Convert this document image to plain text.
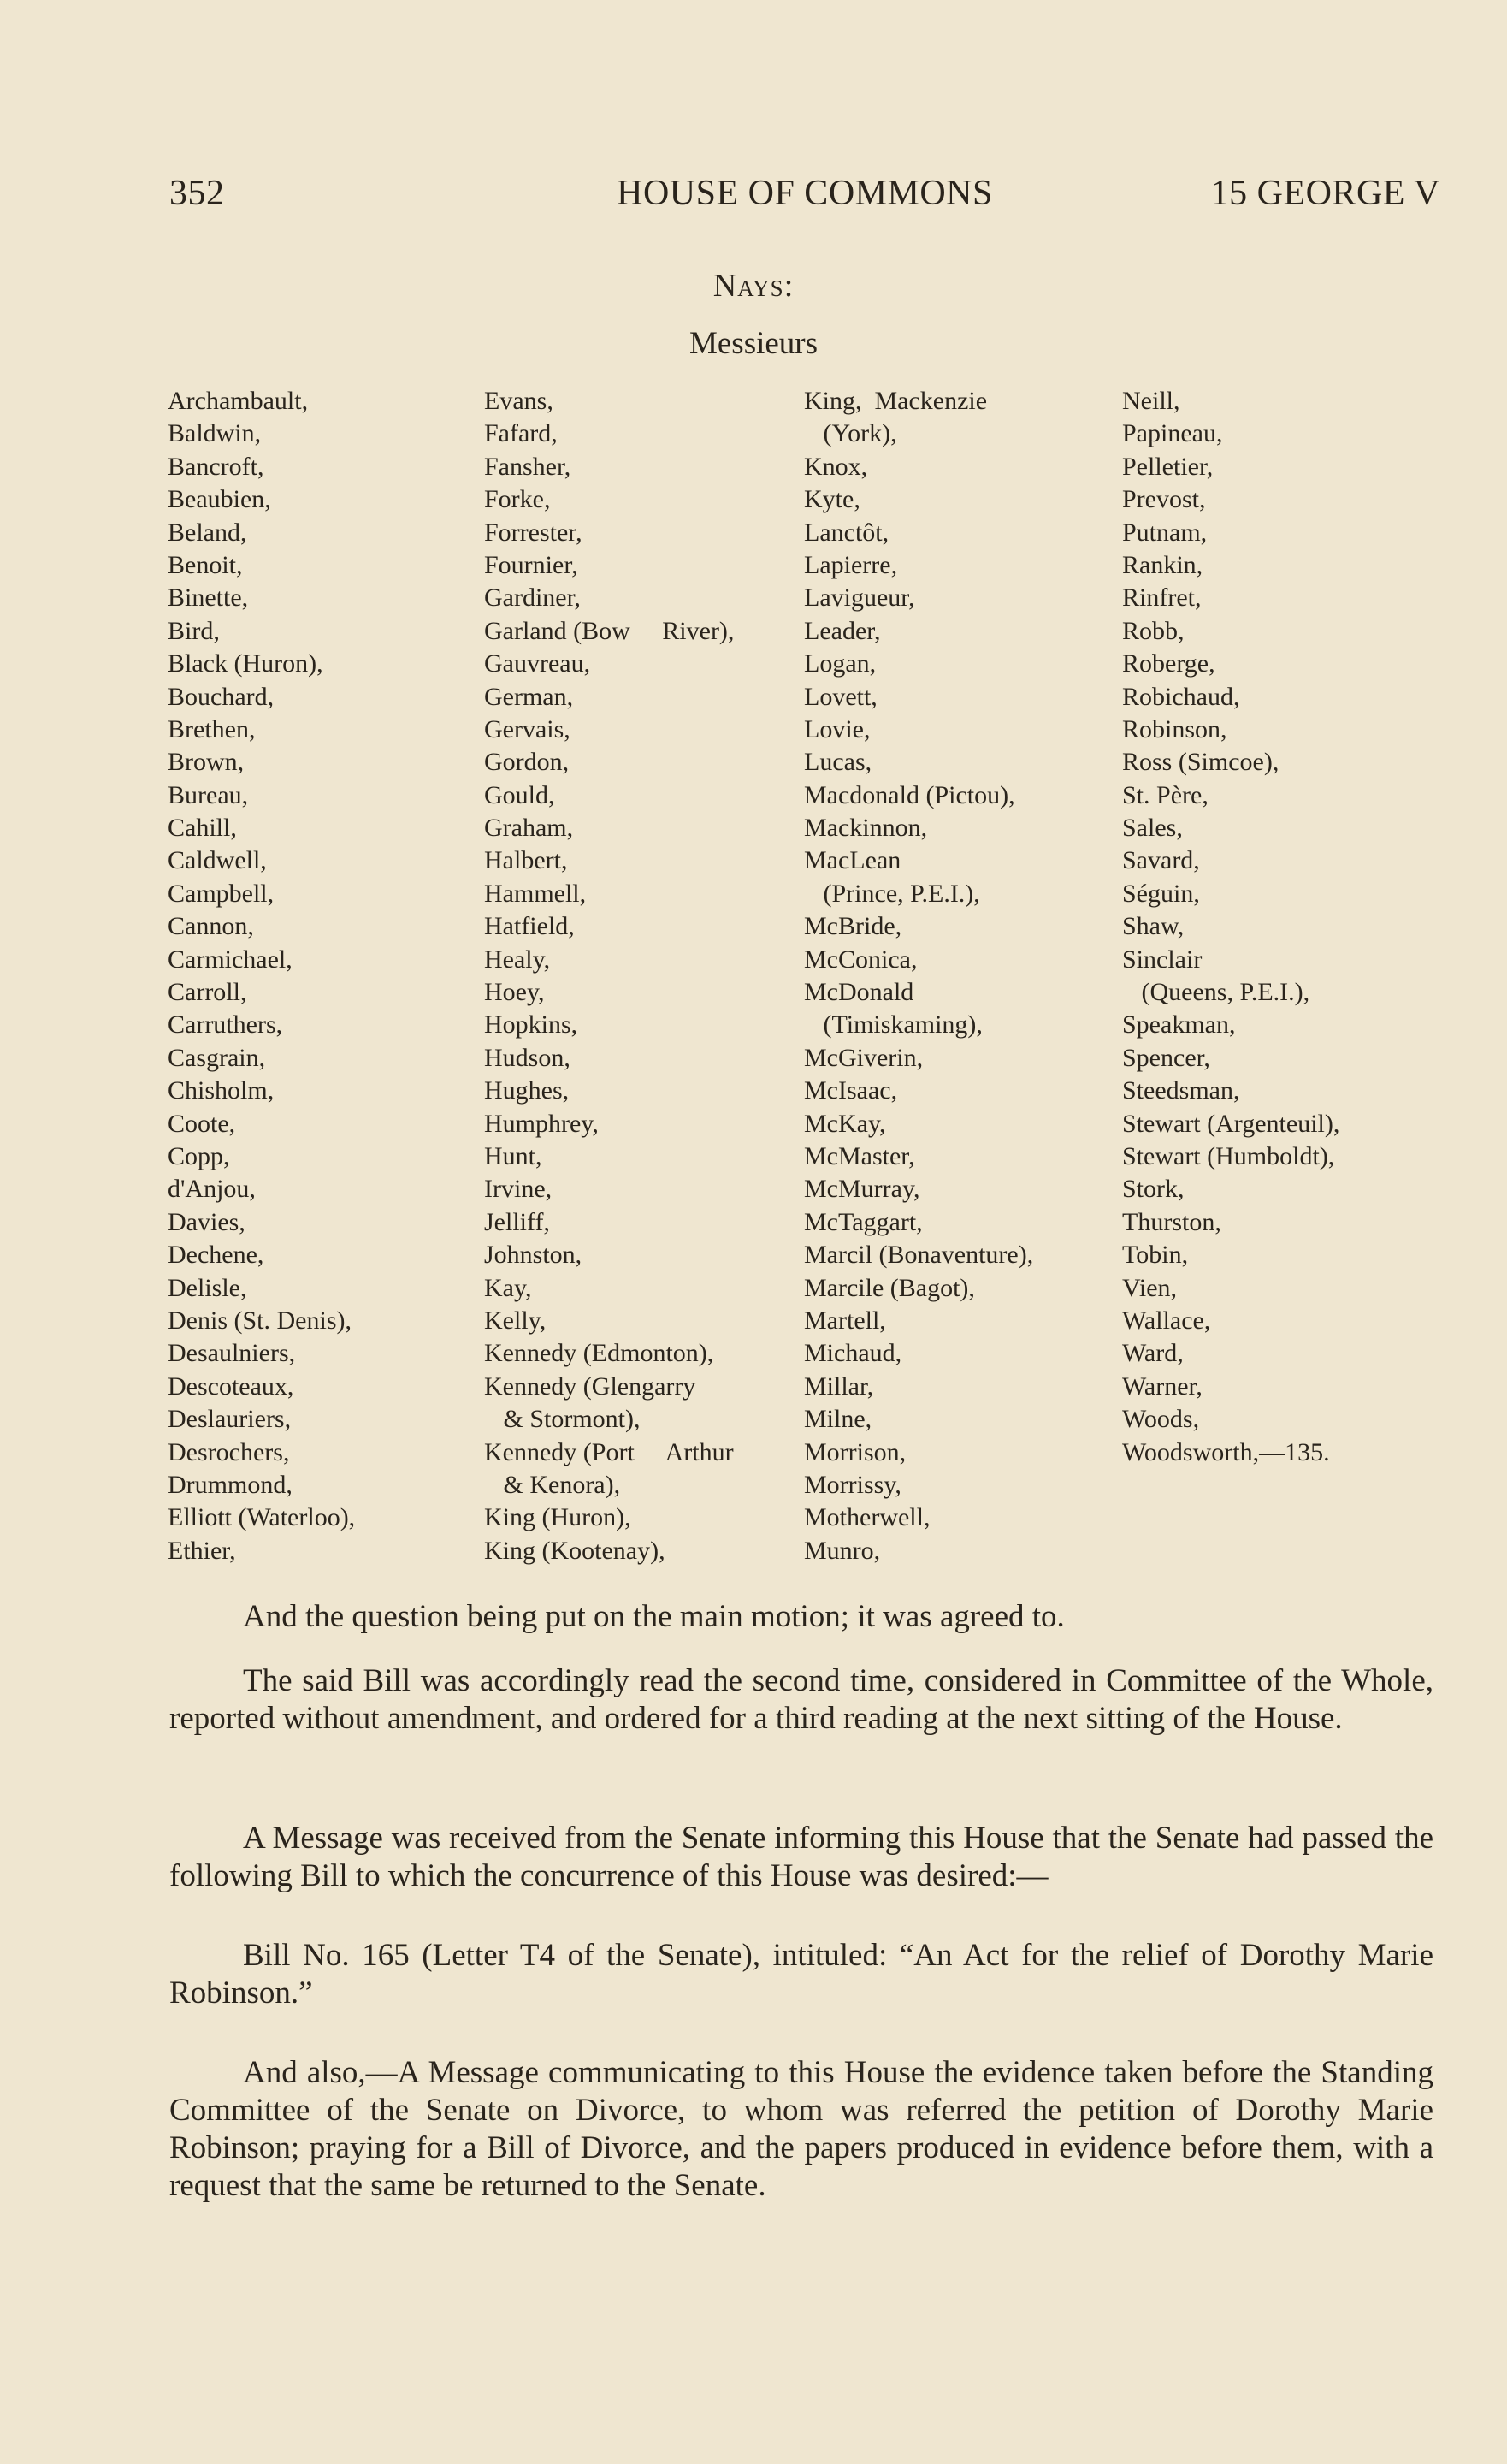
352	HOUSE OF COMMONS	15 GEORGE V
Nays:
Messieurs
Archambault,
Baldwin,
Bancroft,
Beaubien,
Beland,
Benoit,
Binette,
Bird,
Black (Huron),
Bouchard,
Brethen,
Brown,
Bureau,
Cahill,
Caldwell,
Campbell,
Cannon,
Carmichael,
Carroll,
Carruthers,
Casgrain,
Chisholm,
Coote,
Copp,
d'Anjou,
Davies,
Dechene,
Delisle,
Denis (St. Denis),
Desaulniers,
Descoteaux,
Deslauriers,
Desrochers,
Drummond,
Elliott (Waterloo),
Ethier,
Evans,
Fafard,
Fansher,
Forke,
Forrester,
Fournier,
Gardiner,
Garland (Bow     River),
Gauvreau,
German,
Gervais,
Gordon,
Gould,
Graham,
Halbert,
Hammell,
Hatfield,
Healy,
Hoey,
Hopkins,
Hudson,
Hughes,
Humphrey,
Hunt,
Irvine,
Jelliff,
Johnston,
Kay,
Kelly,
Kennedy (Edmonton),
Kennedy (Glengarry
& Stormont),
Kennedy (Port     Arthur
& Kenora),
King (Huron),
King (Kootenay),
King,  Mackenzie
(York),
Knox,
Kyte,
Lanctôt,
Lapierre,
Lavigueur,
Leader,
Logan,
Lovett,
Lovie,
Lucas,
Macdonald (Pictou),
Mackinnon,
MacLean
(Prince, P.E.I.),
McBride,
McConica,
McDonald
(Timiskaming),
McGiverin,
McIsaac,
McKay,
McMaster,
McMurray,
McTaggart,
Marcil (Bonaventure),
Marcile (Bagot),
Martell,
Michaud,
Millar,
Milne,
Morrison,
Morrissy,
Motherwell,
Munro,
Neill,
Papineau,
Pelletier,
Prevost,
Putnam,
Rankin,
Rinfret,
Robb,
Roberge,
Robichaud,
Robinson,
Ross (Simcoe),
St. Père,
Sales,
Savard,
Séguin,
Shaw,
Sinclair
(Queens, P.E.I.),
Speakman,
Spencer,
Steedsman,
Stewart (Argenteuil),
Stewart (Humboldt),
Stork,
Thurston,
Tobin,
Vien,
Wallace,
Ward,
Warner,
Woods,
Woodsworth,—135.
And the question being put on the main motion; it was agreed to.
The said Bill was accordingly read the second time, considered in Committee of the Whole, reported without amendment, and ordered for a third reading at the next sitting of the House.
A Message was received from the Senate informing this House that the Senate had passed the following Bill to which the concurrence of this House was desired:—
Bill No. 165 (Letter T4 of the Senate), intituled: “An Act for the relief of Dorothy Marie Robinson.”
And also,—A Message communicating to this House the evidence taken before the Standing Committee of the Senate on Divorce, to whom was referred the petition of Dorothy Marie Robinson; praying for a Bill of Divorce, and the papers produced in evidence before them, with a request that the same be returned to the Senate.
